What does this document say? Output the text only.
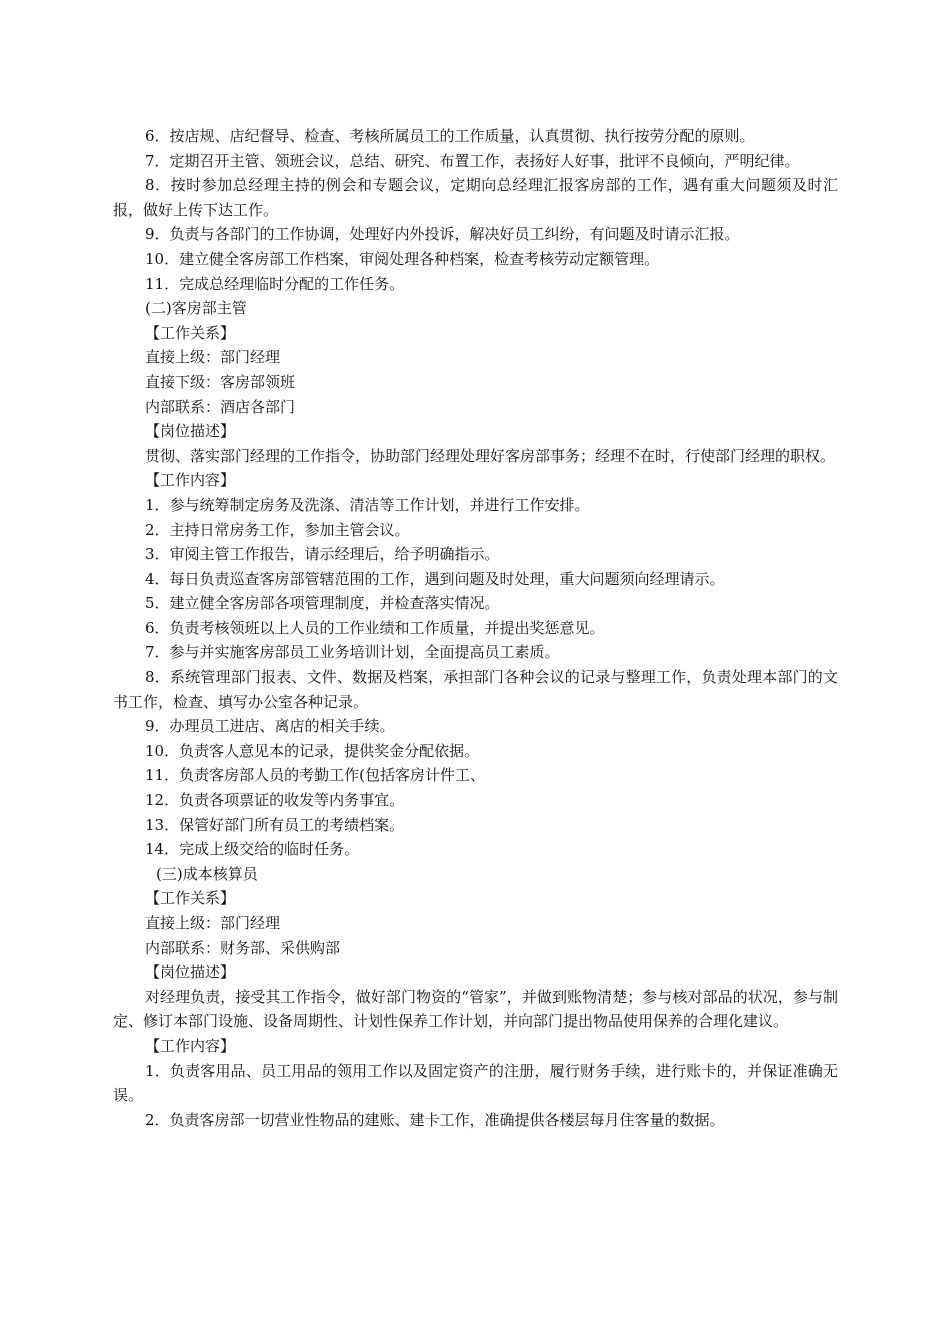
6．按店规、店纪督导、检查、考核所属员工的工作质量，认真贯彻、执行按劳分配的原则。

7．定期召开主管、领班会议，总结、研究、布置工作，表扬好人好事，批评不良倾向，严明纪律。

8．按时参加总经理主持的例会和专题会议，定期向总经理汇报客房部的工作，遇有重大问题须及时汇报，做好上传下达工作。

9．负责与各部门的工作协调，处理好内外投诉，解决好员工纠纷，有问题及时请示汇报。

10．建立健全客房部工作档案，审阅处理各种档案，检查考核劳动定额管理。

11．完成总经理临时分配的工作任务。

(二)客房部主管

【工作关系】

直接上级：部门经理

直接下级：客房部领班

内部联系：酒店各部门

【岗位描述】

贯彻、落实部门经理的工作指令，协助部门经理处理好客房部事务；经理不在时，行使部门经理的职权。

【工作内容】

1．参与统筹制定房务及洗涤、清洁等工作计划，并进行工作安排。

2．主持日常房务工作，参加主管会议。

3．审阅主管工作报告，请示经理后，给予明确指示。

4．每日负责巡查客房部管辖范围的工作，遇到问题及时处理，重大问题须向经理请示。

5．建立健全客房部各项管理制度，并检查落实情况。

6．负责考核领班以上人员的工作业绩和工作质量，并提出奖惩意见。

7．参与并实施客房部员工业务培训计划，全面提高员工素质。

8．系统管理部门报表、文件、数据及档案，承担部门各种会议的记录与整理工作，负责处理本部门的文书工作，检查、填写办公室各种记录。

9．办理员工进店、离店的相关手续。

10．负责客人意见本的记录，提供奖金分配依据。

11．负责客房部人员的考勤工作(包括客房计件工、

12．负责各项票证的收发等内务事宜。

13．保管好部门所有员工的考绩档案。

14．完成上级交给的临时任务。

(三)成本核算员

【工作关系】

直接上级：部门经理

内部联系：财务部、采供购部

【岗位描述】

对经理负责，接受其工作指令，做好部门物资的“管家”，并做到账物清楚；参与核对部品的状况，参与制定、修订本部门设施、设备周期性、计划性保养工作计划，并向部门提出物品使用保养的合理化建议。

【工作内容】

1．负责客用品、员工用品的领用工作以及固定资产的注册，履行财务手续，进行账卡的，并保证准确无误。

2．负责客房部一切营业性物品的建账、建卡工作，准确提供各楼层每月住客量的数据。
